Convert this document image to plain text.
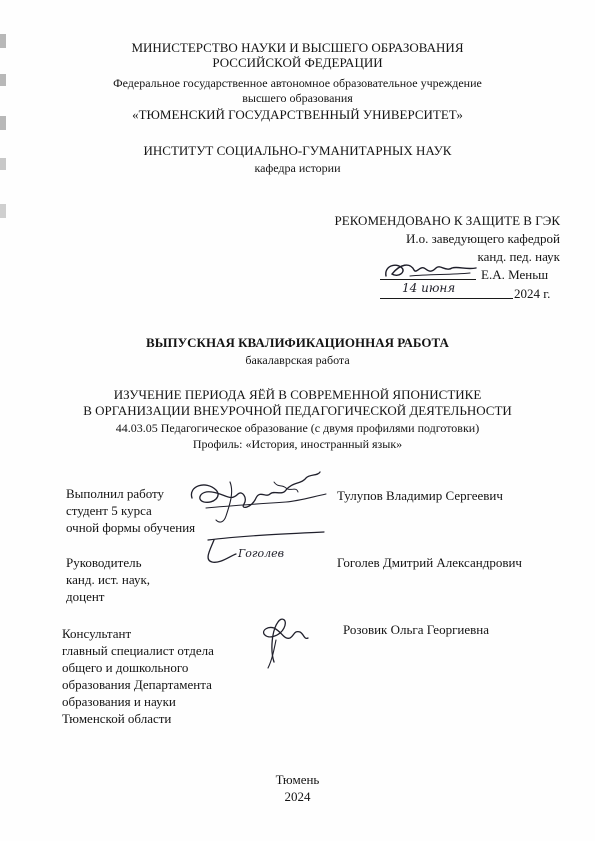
МИНИСТЕРСТВО НАУКИ И ВЫСШЕГО ОБРАЗОВАНИЯ
РОССИЙСКОЙ ФЕДЕРАЦИИ
Федеральное государственное автономное образовательное учреждение
высшего образования
«ТЮМЕНСКИЙ ГОСУДАРСТВЕННЫЙ УНИВЕРСИТЕТ»
ИНСТИТУТ СОЦИАЛЬНО-ГУМАНИТАРНЫХ НАУК
кафедра истории
РЕКОМЕНДОВАНО К ЗАЩИТЕ В ГЭК
И.о. заведующего кафедрой
канд. пед. наук
Е.А. Меньш
14 июня	2024 г.
ВЫПУСКНАЯ КВАЛИФИКАЦИОННАЯ РАБОТА
бакалаврская работа
ИЗУЧЕНИЕ ПЕРИОДА ЯЁЙ В СОВРЕМЕННОЙ ЯПОНИСТИКЕ
В ОРГАНИЗАЦИИ ВНЕУРОЧНОЙ ПЕДАГОГИЧЕСКОЙ ДЕЯТЕЛЬНОСТИ
44.03.05 Педагогическое образование (с двумя профилями подготовки)
Профиль: «История, иностранный язык»
Выполнил работу
студент 5 курса
очной формы обучения
Тулупов Владимир Сергеевич
Руководитель
канд. ист. наук,
доцент
Гоголев
Гоголев Дмитрий Александрович
Консультант
главный специалист отдела
общего и дошкольного
образования Департамента
образования и науки
Тюменской области
Розовик Ольга Георгиевна
Тюмень
2024
